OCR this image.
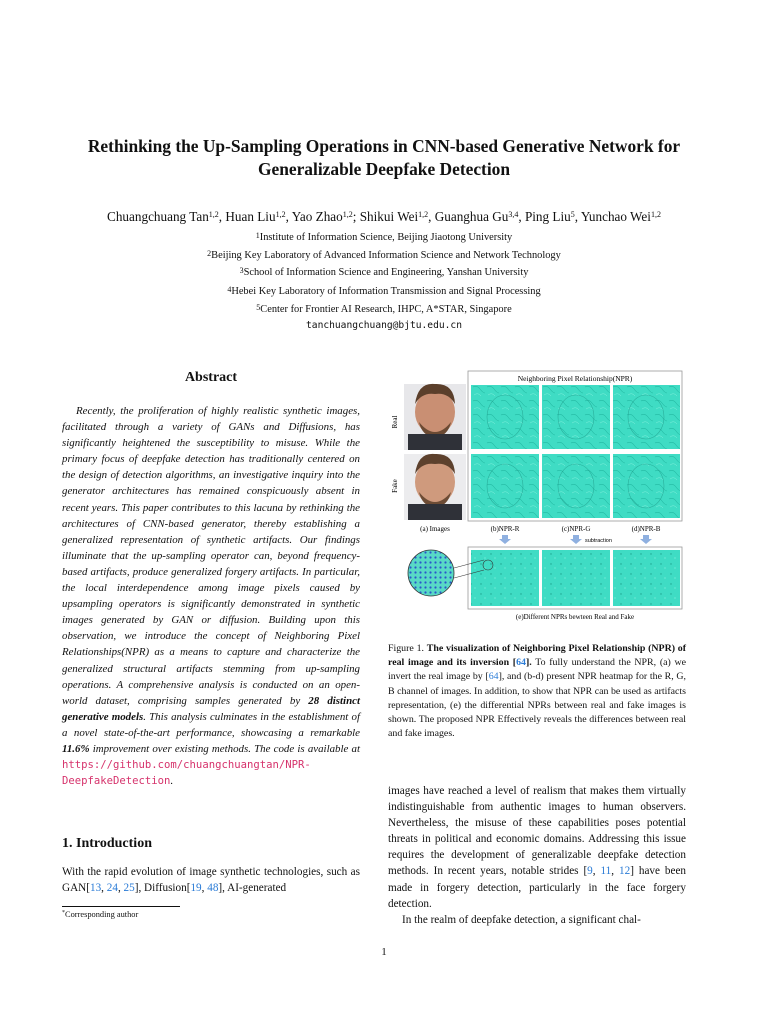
Rethinking the Up-Sampling Operations in CNN-based Generative Network for
Generalizable Deepfake Detection
Chuangchuang Tan$^{1,2}$, Huan Liu$^{1,2}$, Yao Zhao$^{1,2}$; Shikui Wei$^{1,2}$, Guanghua Gu$^{3,4}$, Ping Liu$^5$, Yunchao Wei$^{1,2}$
$^1$Institute of Information Science, Beijing Jiaotong University
$^2$Beijing Key Laboratory of Advanced Information Science and Network Technology
$^3$School of Information Science and Engineering, Yanshan University
$^4$Hebei Key Laboratory of Information Transmission and Signal Processing
$^5$Center for Frontier AI Research, IHPC, A*STAR, Singapore
tanchuangchuang@bjtu.edu.cn
Abstract
Recently, the proliferation of highly realistic synthetic images, facilitated through a variety of GANs and Diffusions, has significantly heightened the susceptibility to misuse. While the primary focus of deepfake detection has traditionally centered on the design of detection algorithms, an investigative inquiry into the generator architectures has remained conspicuously absent in recent years. This paper contributes to this lacuna by rethinking the architectures of CNN-based generator, thereby establishing a generalized representation of synthetic artifacts. Our findings illuminate that the up-sampling operator can, beyond frequency-based artifacts, produce generalized forgery artifacts. In particular, the local interdependence among image pixels caused by upsampling operators is significantly demonstrated in synthetic images generated by GAN or diffusion. Building upon this observation, we introduce the concept of Neighboring Pixel Relationships(NPR) as a means to capture and characterize the generalized structural artifacts stemming from up-sampling operations. A comprehensive analysis is conducted on an open-world dataset, comprising samples generated by 28 distinct generative models. This analysis culminates in the establishment of a novel state-of-the-art performance, showcasing a remarkable 11.6% improvement over existing methods. The code is available at https://github.com/chuangchuangtan/NPR-DeepfakeDetection.
1. Introduction
With the rapid evolution of image synthetic technologies, such as GAN[13, 24, 25], Diffusion[19, 48], AI-generated
*Corresponding author
Neighboring Pixel Relationship(NPR)
Real
Fake
(a) Images	(b)NPR-R	(c)NPR-G	(d)NPR-B
subtraction
(e)Different NPRs bewteen Real and Fake
Figure 1. The visualization of Neighboring Pixel Relationship (NPR) of real image and its inversion [64]. To fully understand the NPR, (a) we invert the real image by [64], and (b-d) present NPR heatmap for the R, G, B channel of images. In addition, to show that NPR can be used as artifacts representation, (e) the differential NPRs between real and fake images is shown. The proposed NPR Effectively reveals the differences between real and fake images.
images have reached a level of realism that makes them virtually indistinguishable from authentic images to human observers. Nevertheless, the misuse of these capabilities poses potential threats in political and economic domains. Addressing this issue requires the development of generalizable deepfake detection methods. In recent years, notable strides [9, 11, 12] have been made in forgery detection, particularly in the face forgery detection.
In the realm of deepfake detection, a significant chal-
1
